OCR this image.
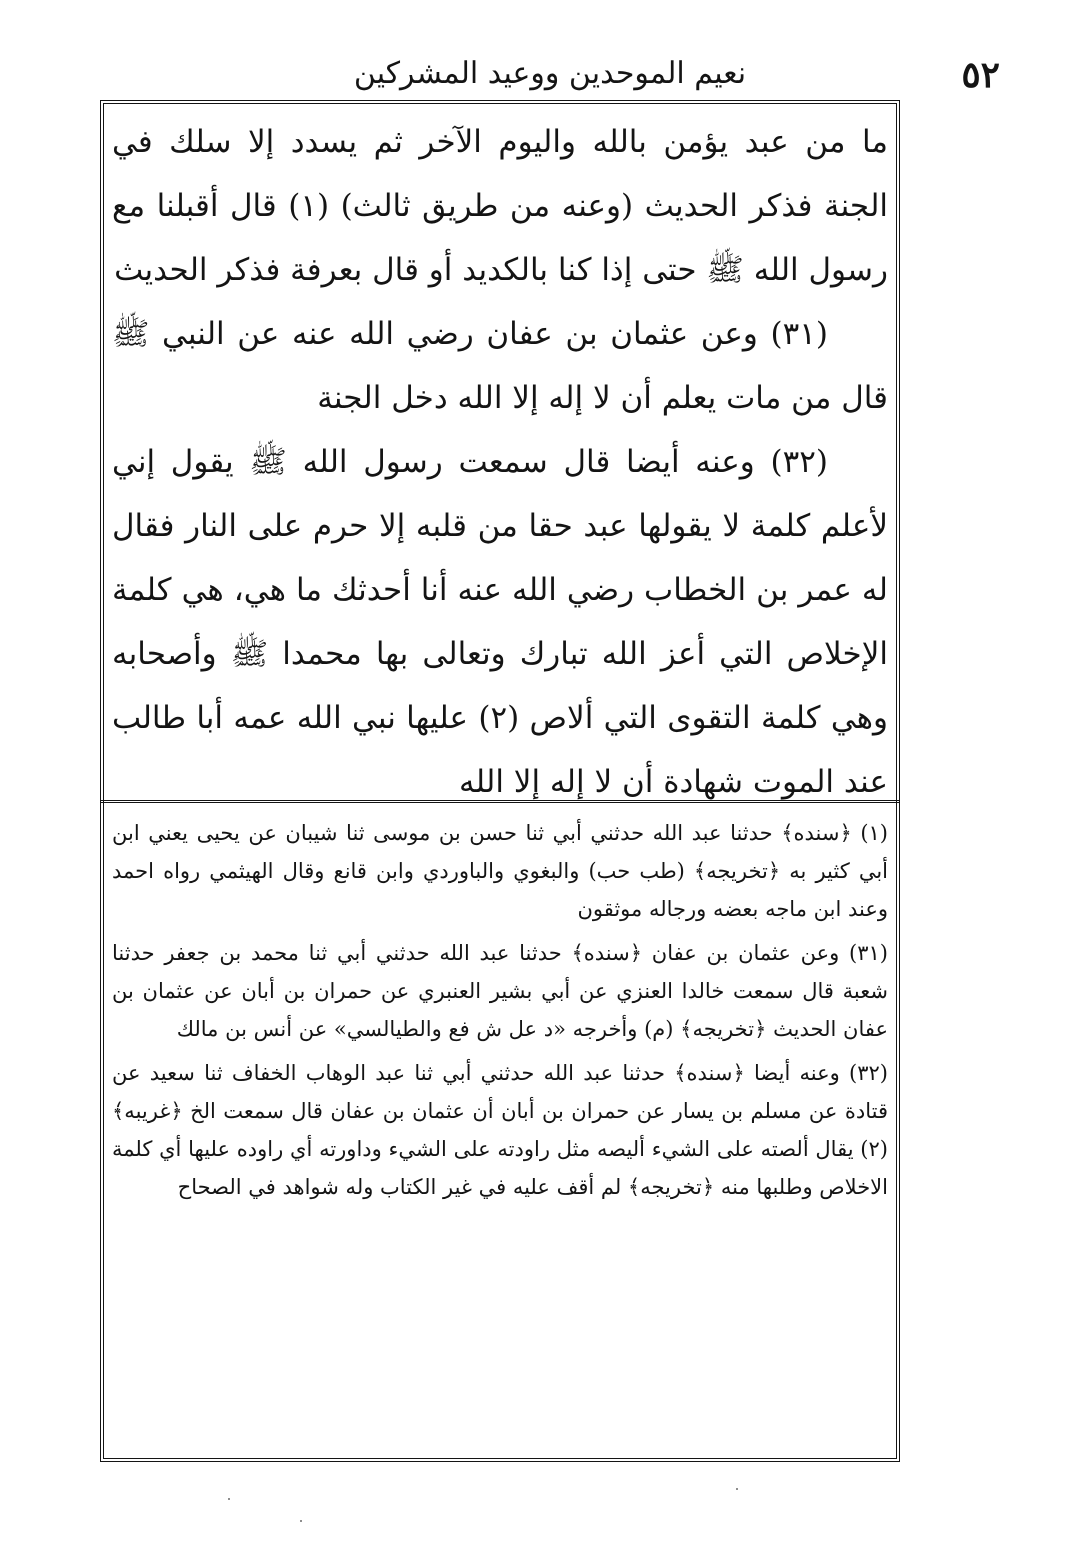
٥٢
نعيم الموحدين ووعيد المشركين

ما من عبد يؤمن بالله واليوم الآخر ثم يسدد إلا سلك في الجنة فذكر الحديث (وعنه من طريق ثالث) (١) قال أقبلنا مع رسول الله ﷺ حتى إذا كنا بالكديد أو قال بعرفة فذكر الحديث

(٣١) وعن عثمان بن عفان رضي الله عنه عن النبي ﷺ قال من مات يعلم أن لا إله إلا الله دخل الجنة

(٣٢) وعنه أيضا قال سمعت رسول الله ﷺ يقول إني لأعلم كلمة لا يقولها عبد حقا من قلبه إلا حرم على النار فقال له عمر بن الخطاب رضي الله عنه أنا أحدثك ما هي، هي كلمة الإخلاص التي أعز الله تبارك وتعالى بها محمدا ﷺ وأصحابه وهي كلمة التقوى التي ألاص (٢) عليها نبي الله عمه أبا طالب عند الموت شهادة أن لا إله إلا الله

(١) ﴿سنده﴾ حدثنا عبد الله حدثني أبي ثنا حسن بن موسى ثنا شيبان عن يحيى يعني ابن أبي كثير به ﴿تخريجه﴾ (طب حب) والبغوي والباوردي وابن قانع وقال الهيثمي رواه احمد وعند ابن ماجه بعضه ورجاله موثقون

(٣١) وعن عثمان بن عفان ﴿سنده﴾ حدثنا عبد الله حدثني أبي ثنا محمد بن جعفر حدثنا شعبة قال سمعت خالدا العنزي عن أبي بشير العنبري عن حمران بن أبان عن عثمان بن عفان الحديث ﴿تخريجه﴾ (م) وأخرجه «د عل ش فع والطيالسي» عن أنس بن مالك

(٣٢) وعنه أيضا ﴿سنده﴾ حدثنا عبد الله حدثني أبي ثنا عبد الوهاب الخفاف ثنا سعيد عن قتادة عن مسلم بن يسار عن حمران بن أبان أن عثمان بن عفان قال سمعت الخ ﴿غريبه﴾ (٢) يقال ألصته على الشيء أليصه مثل راودته على الشيء وداورته أي راوده عليها أي كلمة الاخلاص وطلبها منه ﴿تخريجه﴾ لم أقف عليه في غير الكتاب وله شواهد في الصحاح
